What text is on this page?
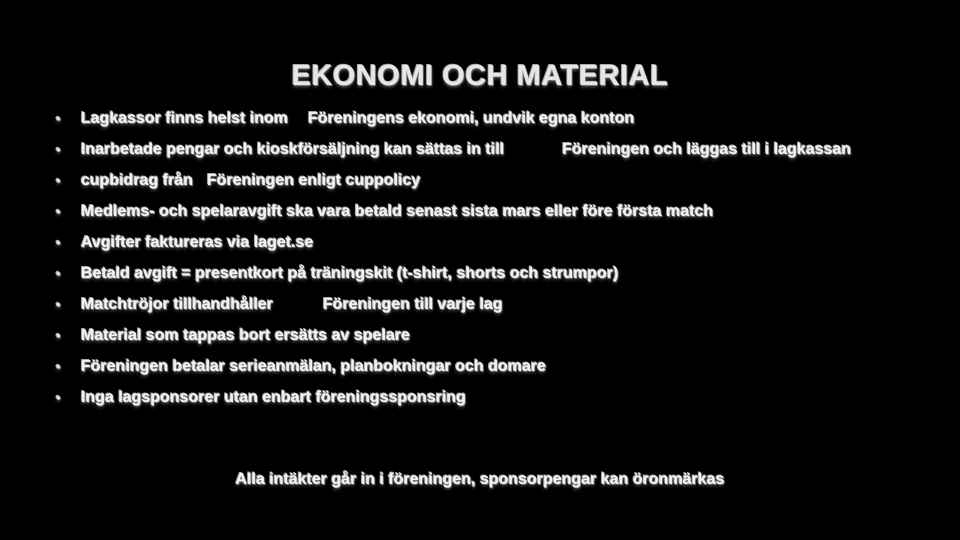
EKONOMI OCH MATERIAL
• Lagkassor finns helst inom Föreningens ekonomi, undvik egna konton
• Inarbetade pengar och kioskförsäljning kan sättas in till	Föreningen och läggas till i lagkassan
• cupbidrag från Föreningen enligt cuppolicy
• Medlems- och spelaravgift ska vara betald senast sista mars eller före första match
• Avgifter faktureras via laget.se
• Betald avgift = presentkort på träningskit (t-shirt, shorts och strumpor)
• Matchtröjor tillhandhåller	Föreningen till varje lag
• Material som tappas bort ersätts av spelare
• Föreningen betalar serieanmälan, planbokningar och domare
• Inga lagsponsorer utan enbart föreningssponsring
Alla intäkter går in i föreningen, sponsorpengar kan öronmärkas
